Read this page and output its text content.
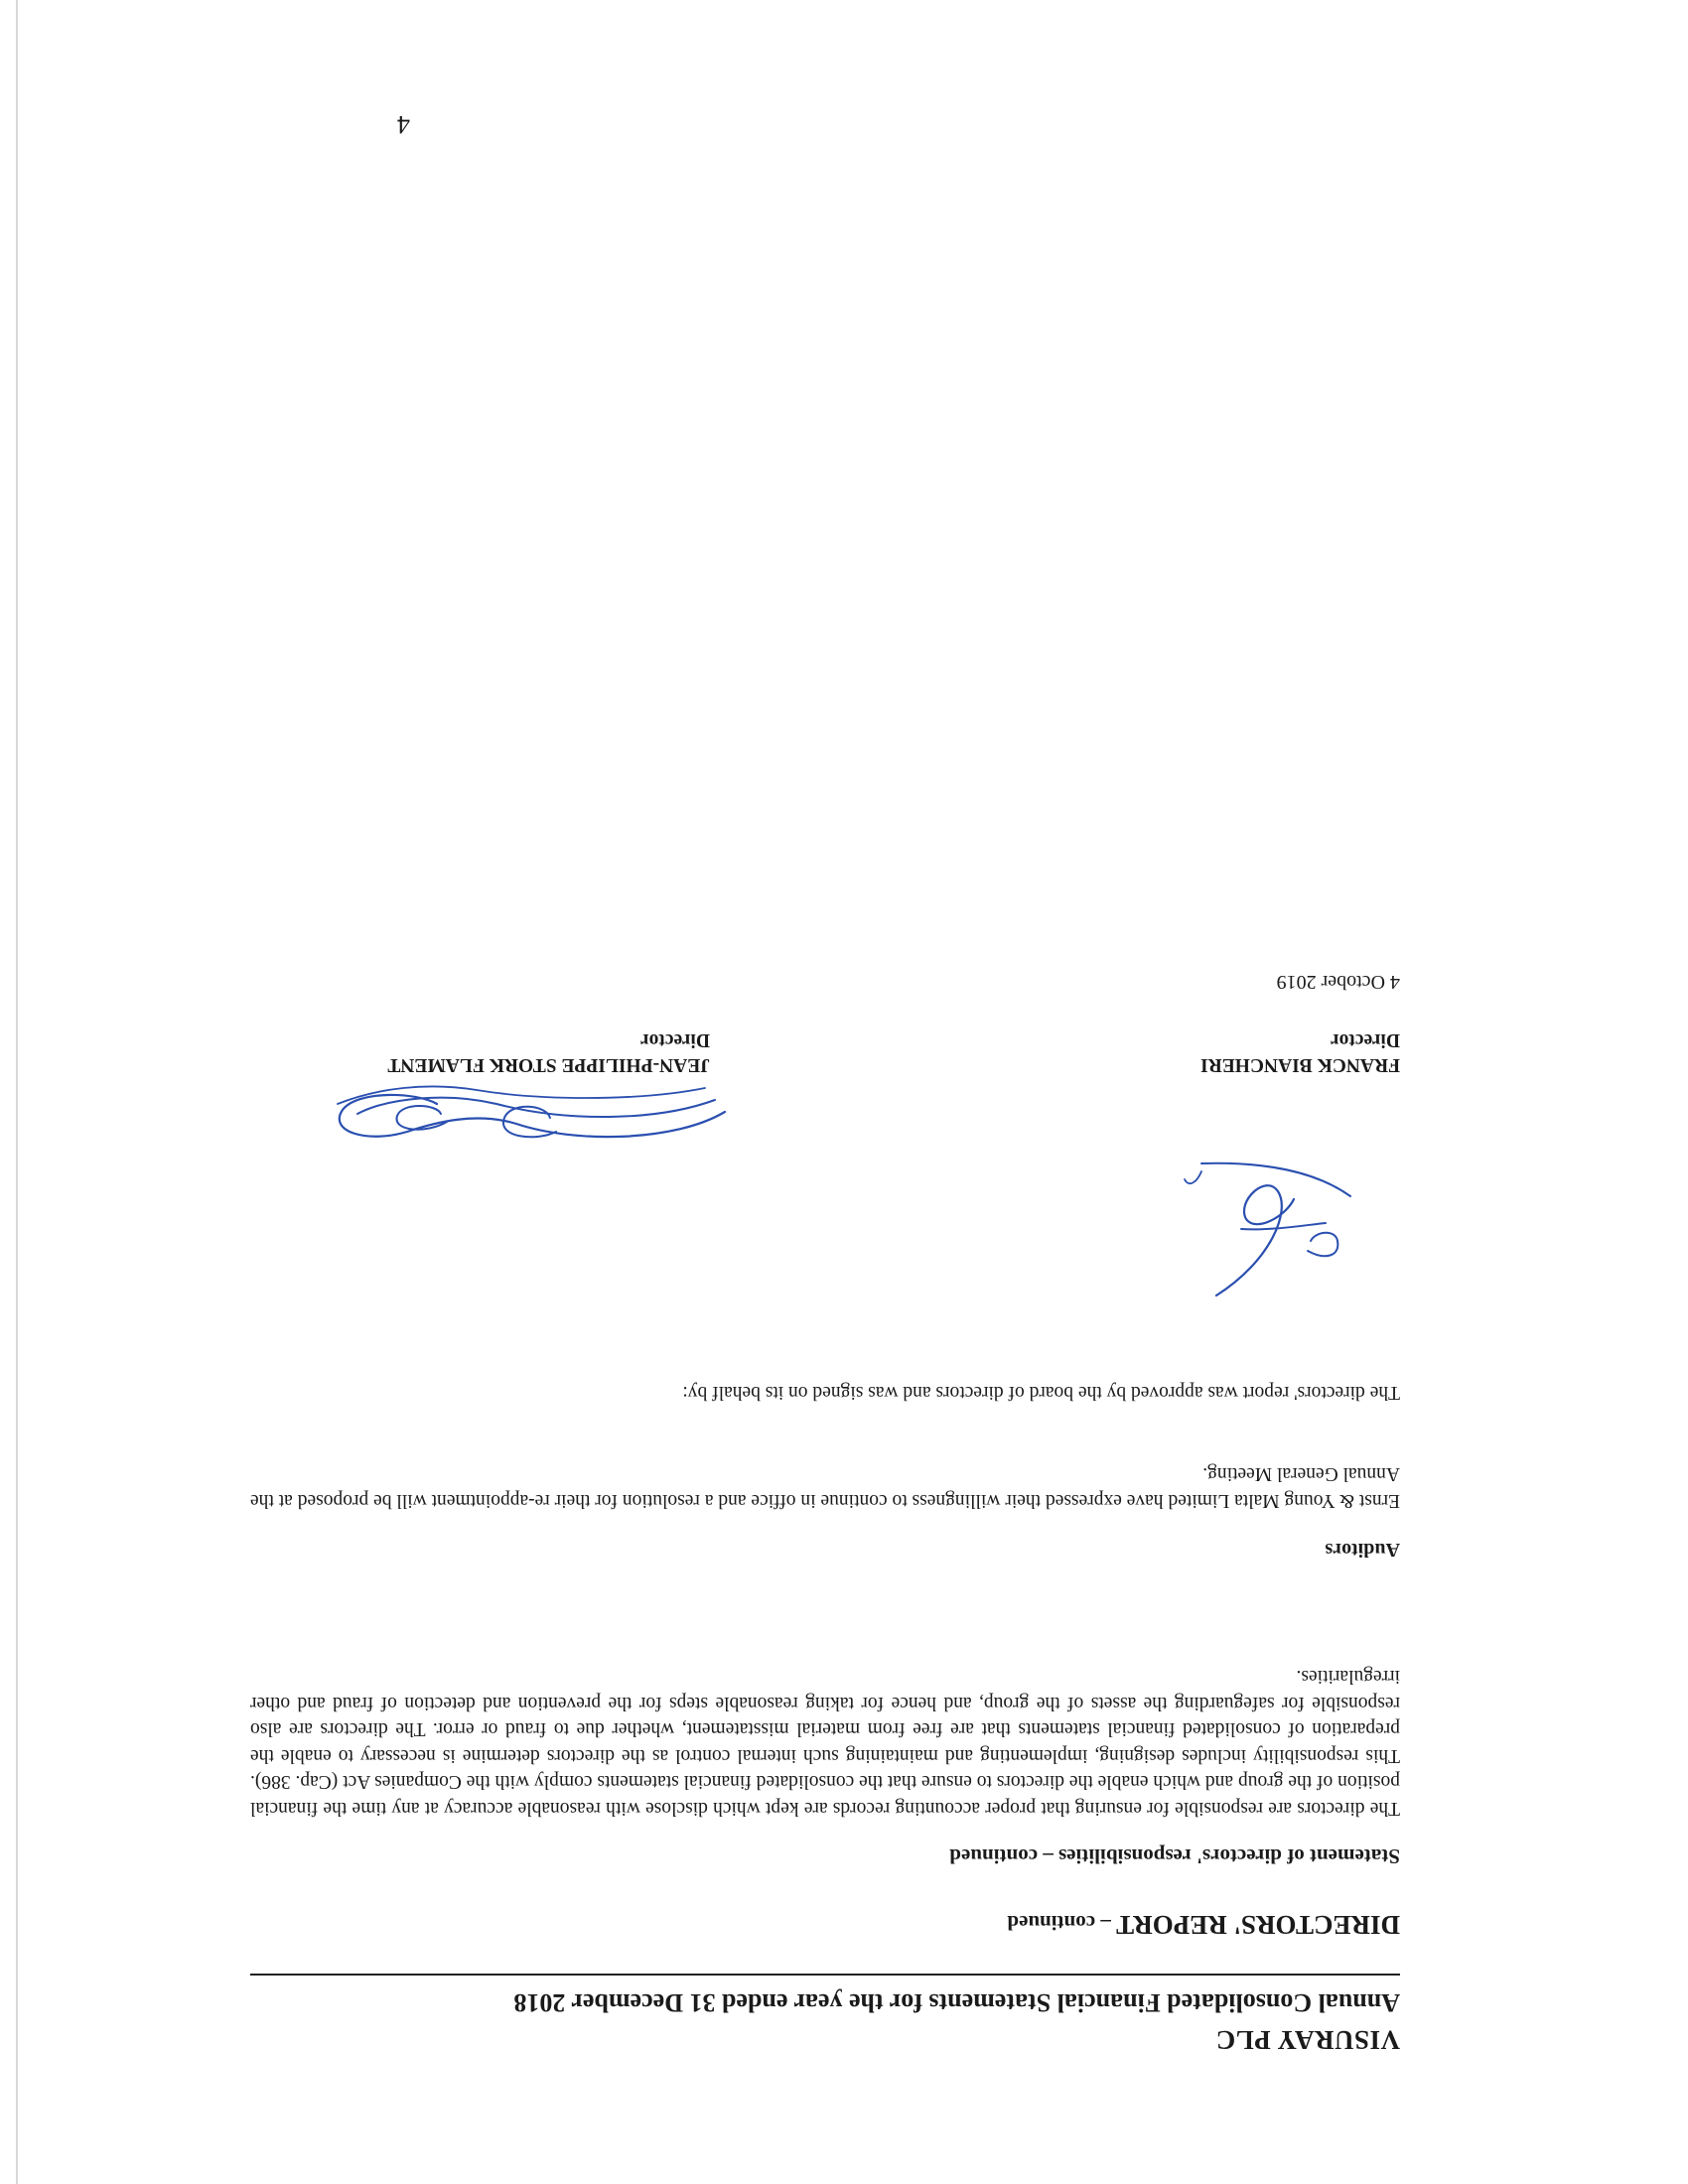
VISURAY PLC
Annual Consolidated Financial Statements for the year ended 31 December 2018
DIRECTORS' REPORT – continued
Statement of directors' responsibilities – continued
The directors are responsible for ensuring that proper accounting records are kept which disclose with reasonable accuracy at any time the financial position of the group and which enable the directors to ensure that the consolidated financial statements comply with the Companies Act (Cap. 386). This responsibility includes designing, implementing and maintaining such internal control as the directors determine is necessary to enable the preparation of consolidated financial statements that are free from material misstatement, whether due to fraud or error. The directors are also responsible for safeguarding the assets of the group, and hence for taking reasonable steps for the prevention and detection of fraud and other irregularities.
Auditors
Ernst & Young Malta Limited have expressed their willingness to continue in office and a resolution for their re-appointment will be proposed at the Annual General Meeting.
The directors' report was approved by the board of directors and was signed on its behalf by:
FRANCK BIANCHERI
Director
JEAN-PHILIPPE STORK FLAMENT
Director
4 October 2019
4
